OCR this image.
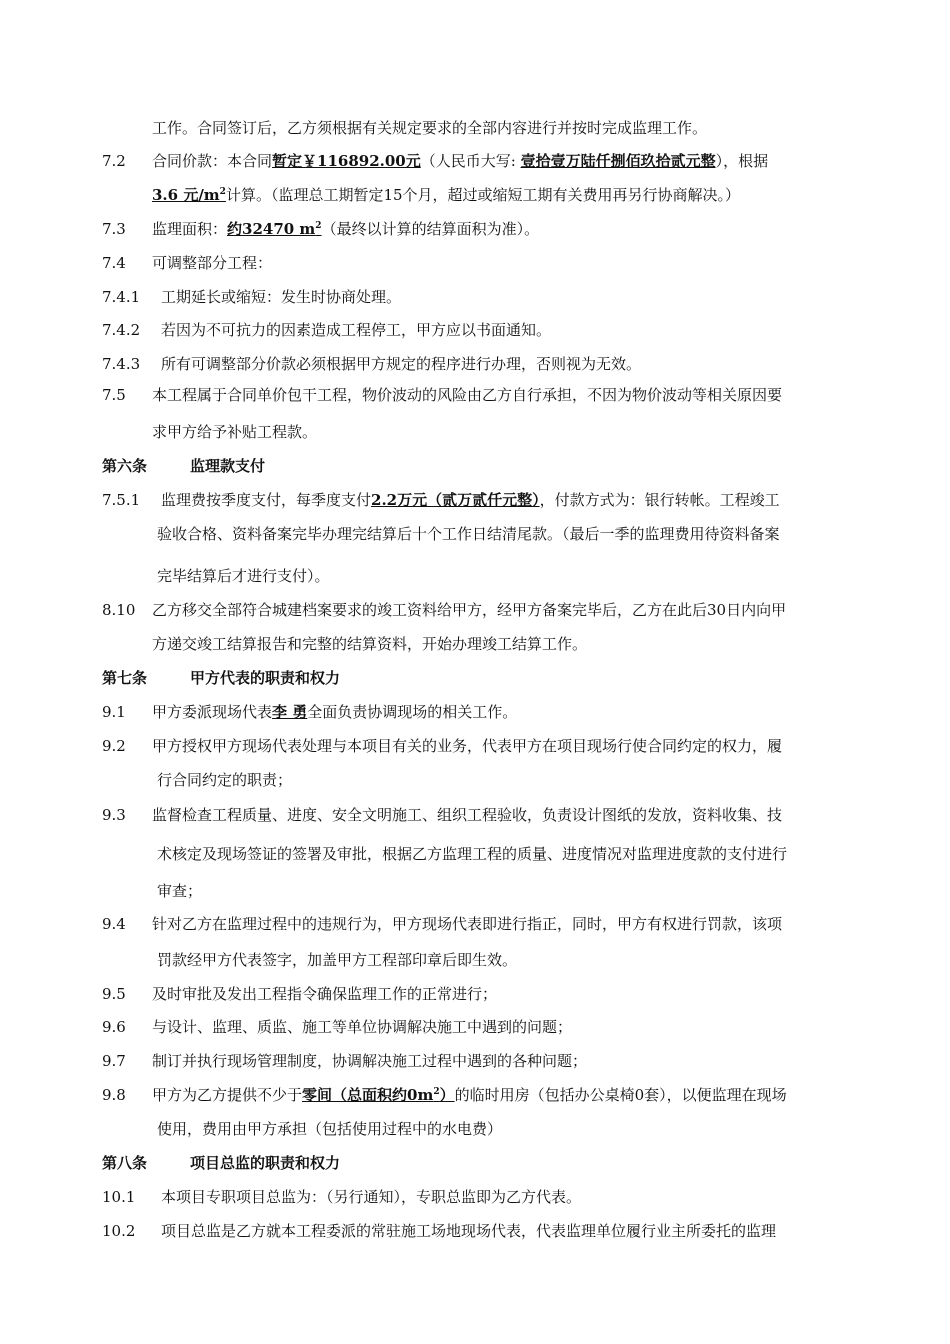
工作。合同签订后，乙方须根据有关规定要求的全部内容进行并按时完成监理工作。
7.2 合同价款：本合同暂定￥116892.00元（人民币大写: 壹拾壹万陆仟捌佰玖拾贰元整），根据
3.6 元$/m^2$计算。（监理总工期暂定15个月，超过或缩短工期有关费用再另行协商解决。）
7.3 监理面积：约32470 $m^2$（最终以计算的结算面积为准）。
7.4 可调整部分工程：
7.4.1 工期延长或缩短：发生时协商处理。
7.4.2 若因为不可抗力的因素造成工程停工，甲方应以书面通知。
7.4.3 所有可调整部分价款必须根据甲方规定的程序进行办理，否则视为无效。
7.5 本工程属于合同单价包干工程，物价波动的风险由乙方自行承担，不因为物价波动等相关原因要
求甲方给予补贴工程款。
第六条	监理款支付
7.5.1 监理费按季度支付，每季度支付2.2万元（贰万贰仟元整），付款方式为：银行转帐。工程竣工
验收合格、资料备案完毕办理完结算后十个工作日结清尾款。（最后一季的监理费用待资料备案
完毕结算后才进行支付）。
8.10 乙方移交全部符合城建档案要求的竣工资料给甲方，经甲方备案完毕后，乙方在此后30日内向甲
方递交竣工结算报告和完整的结算资料，开始办理竣工结算工作。
第七条	甲方代表的职责和权力
9.1 甲方委派现场代表李 勇全面负责协调现场的相关工作。
9.2 甲方授权甲方现场代表处理与本项目有关的业务，代表甲方在项目现场行使合同约定的权力，履
行合同约定的职责；
9.3 监督检查工程质量、进度、安全文明施工、组织工程验收，负责设计图纸的发放，资料收集、技
术核定及现场签证的签署及审批，根据乙方监理工程的质量、进度情况对监理进度款的支付进行
审查；
9.4 针对乙方在监理过程中的违规行为，甲方现场代表即进行指正，同时，甲方有权进行罚款，该项
罚款经甲方代表签字，加盖甲方工程部印章后即生效。
9.5 及时审批及发出工程指令确保监理工作的正常进行；
9.6 与设计、监理、质监、施工等单位协调解决施工中遇到的问题；
9.7 制订并执行现场管理制度，协调解决施工过程中遇到的各种问题；
9.8 甲方为乙方提供不少于零间（总面积约$0m^2$）的临时用房（包括办公桌椅0套），以便监理在现场
使用，费用由甲方承担（包括使用过程中的水电费）
第八条	项目总监的职责和权力
10.1 本项目专职项目总监为：（另行通知），专职总监即为乙方代表。
10.2 项目总监是乙方就本工程委派的常驻施工场地现场代表，代表监理单位履行业主所委托的监理
